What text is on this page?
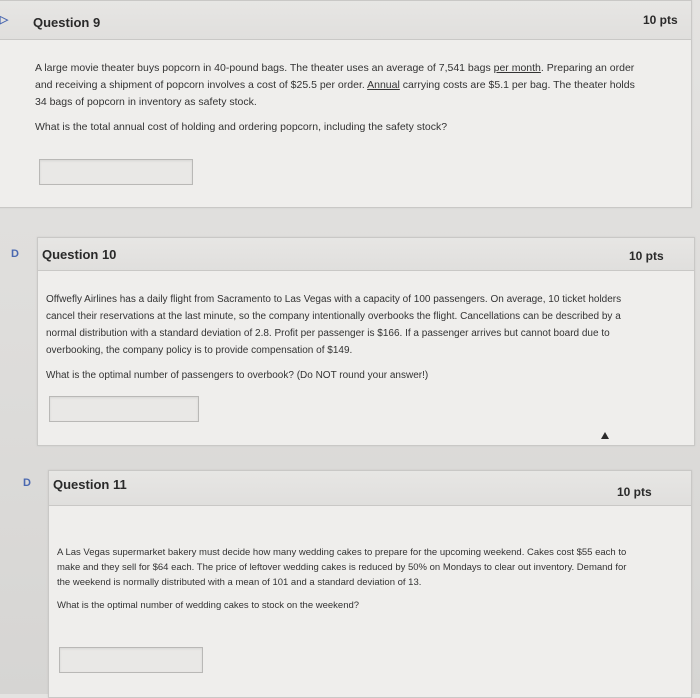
▷ Question 9	10 pts

A large movie theater buys popcorn in 40-pound bags. The theater uses an average of 7,541 bags per month. Preparing an order and receiving a shipment of popcorn involves a cost of $25.5 per order. Annual carrying costs are $5.1 per bag. The theater holds 34 bags of popcorn in inventory as safety stock.

What is the total annual cost of holding and ordering popcorn, including the safety stock?

Question 10	10 pts

Offwefly Airlines has a daily flight from Sacramento to Las Vegas with a capacity of 100 passengers. On average, 10 ticket holders cancel their reservations at the last minute, so the company intentionally overbooks the flight. Cancellations can be described by a normal distribution with a standard deviation of 2.8. Profit per passenger is $166. If a passenger arrives but cannot board due to overbooking, the company policy is to provide compensation of $149.

What is the optimal number of passengers to overbook? (Do NOT round your answer!)

D
Question 11	10 pts

A Las Vegas supermarket bakery must decide how many wedding cakes to prepare for the upcoming weekend. Cakes cost $55 each to make and they sell for $64 each. The price of leftover wedding cakes is reduced by 50% on Mondays to clear out inventory. Demand for the weekend is normally distributed with a mean of 101 and a standard deviation of 13.

What is the optimal number of wedding cakes to stock on the weekend?

D
